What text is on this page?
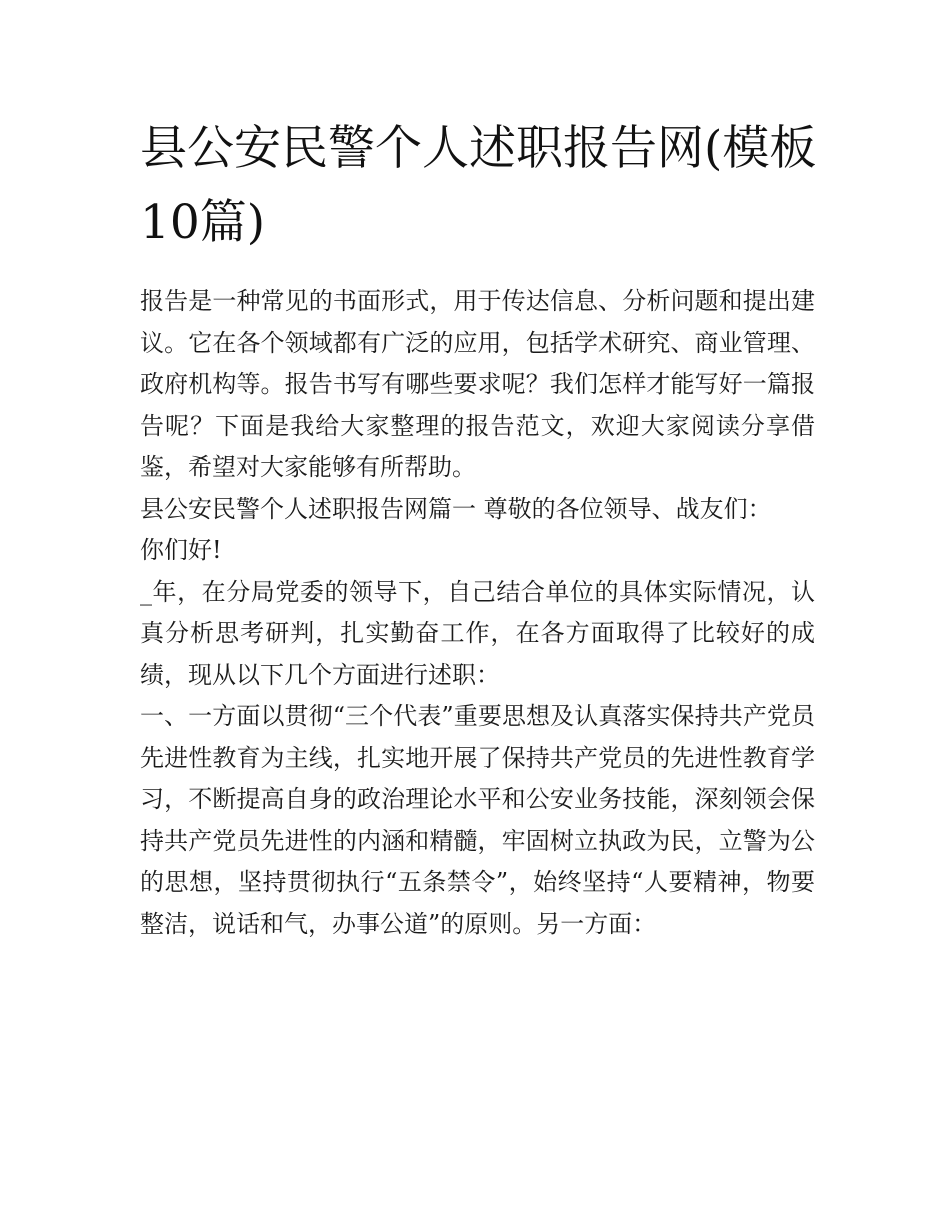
县公安民警个人述职报告网(模板10篇)

报告是一种常见的书面形式，用于传达信息、分析问题和提出建议。它在各个领域都有广泛的应用，包括学术研究、商业管理、政府机构等。报告书写有哪些要求呢？我们怎样才能写好一篇报告呢？下面是我给大家整理的报告范文，欢迎大家阅读分享借鉴，希望对大家能够有所帮助。

县公安民警个人述职报告网篇一 尊敬的各位领导、战友们：

你们好!

_年，在分局党委的领导下，自己结合单位的具体实际情况，认真分析思考研判，扎实勤奋工作，在各方面取得了比较好的成绩，现从以下几个方面进行述职：

一、一方面以贯彻“三个代表”重要思想及认真落实保持共产党员先进性教育为主线，扎实地开展了保持共产党员的先进性教育学习，不断提高自身的政治理论水平和公安业务技能，深刻领会保持共产党员先进性的内涵和精髓，牢固树立执政为民，立警为公的思想，坚持贯彻执行“五条禁令”，始终坚持“人要精神，物要整洁，说话和气，办事公道”的原则。另一方面：
